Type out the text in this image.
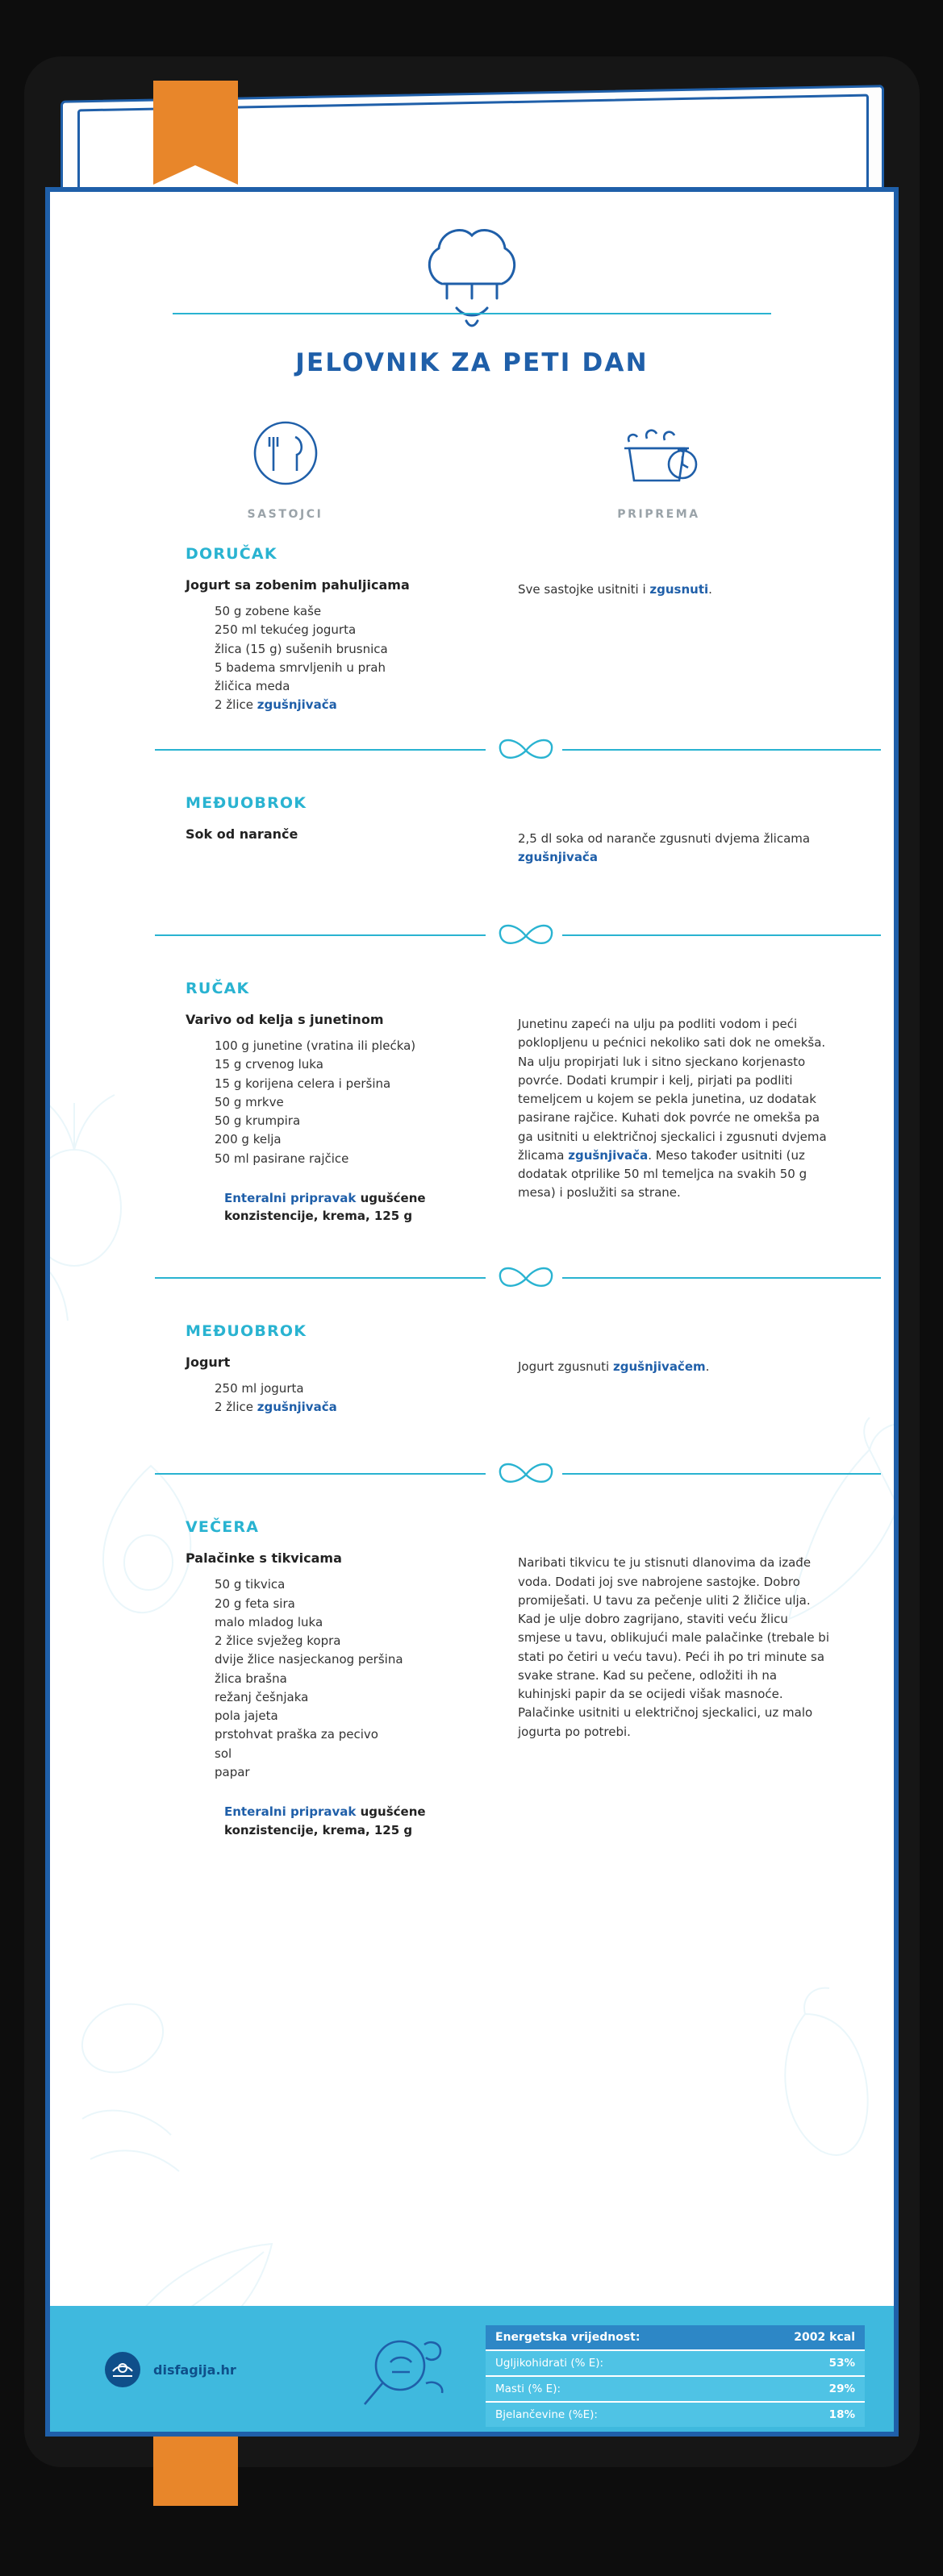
JELOVNIK ZA PETI DAN
SASTOJCI	PRIPREMA
DORUČAK
Jogurt sa zobenim pahuljicama
50 g zobene kaše
250 ml tekućeg jogurta
žlica (15 g) sušenih brusnica
5 badema smrvljenih u prah
žličica meda
2 žlice zgušnjivača
Sve sastojke usitniti i zgusnuti.
MEĐUOBROK
Sok od naranče	2,5 dl soka od naranče zgusnuti dvjema žlicama zgušnjivača
RUČAK
Varivo od kelja s junetinom
100 g junetine (vratina ili plećka)
15 g crvenog luka
15 g korijena celera i peršina
50 g mrkve
50 g krumpira
200 g kelja
50 ml pasirane rajčice
Enteralni pripravak ugušćene konzistencije, krema, 125 g
Junetinu zapeći na ulju pa podliti vodom i peći poklopljenu u pećnici nekoliko sati dok ne omekša. Na ulju propirjati luk i sitno sjeckano korjenasto povrće. Dodati krumpir i kelj, pirjati pa podliti temeljcem u kojem se pekla junetina, uz dodatak pasirane rajčice. Kuhati dok povrće ne omekša pa ga usitniti u električnoj sjeckalici i zgusnuti dvjema žlicama zgušnjivača. Meso također usitniti (uz dodatak otprilike 50 ml temeljca na svakih 50 g mesa) i poslužiti sa strane.
MEĐUOBROK
Jogurt
250 ml jogurta
2 žlice zgušnjivača
Jogurt zgusnuti zgušnjivačem.
VEČERA
Palačinke s tikvicama
50 g tikvica
20 g feta sira
malo mladog luka
2 žlice svježeg kopra
dvije žlice nasjeckanog peršina
žlica brašna
režanj češnjaka
pola jajeta
prstohvat praška za pecivo
sol
papar
Enteralni pripravak ugušćene konzistencije, krema, 125 g
Naribati tikvicu te ju stisnuti dlanovima da izađe voda. Dodati joj sve nabrojene sastojke. Dobro promiješati. U tavu za pečenje uliti 2 žličice ulja. Kad je ulje dobro zagrijano, staviti veću žlicu smjese u tavu, oblikujući male palačinke (trebale bi stati po četiri u veću tavu). Peći ih po tri minute sa svake strane. Kad su pečene, odložiti ih na kuhinjski papir da se ocijedi višak masnoće. Palačinke usitniti u električnoj sjeckalici, uz malo jogurta po potrebi.
disfagija.hr
Energetska vrijednost:	2002 kcal
Ugljikohidrati (% E):	53%
Masti (% E):	29%
Bjelančevine (%E):	18%
